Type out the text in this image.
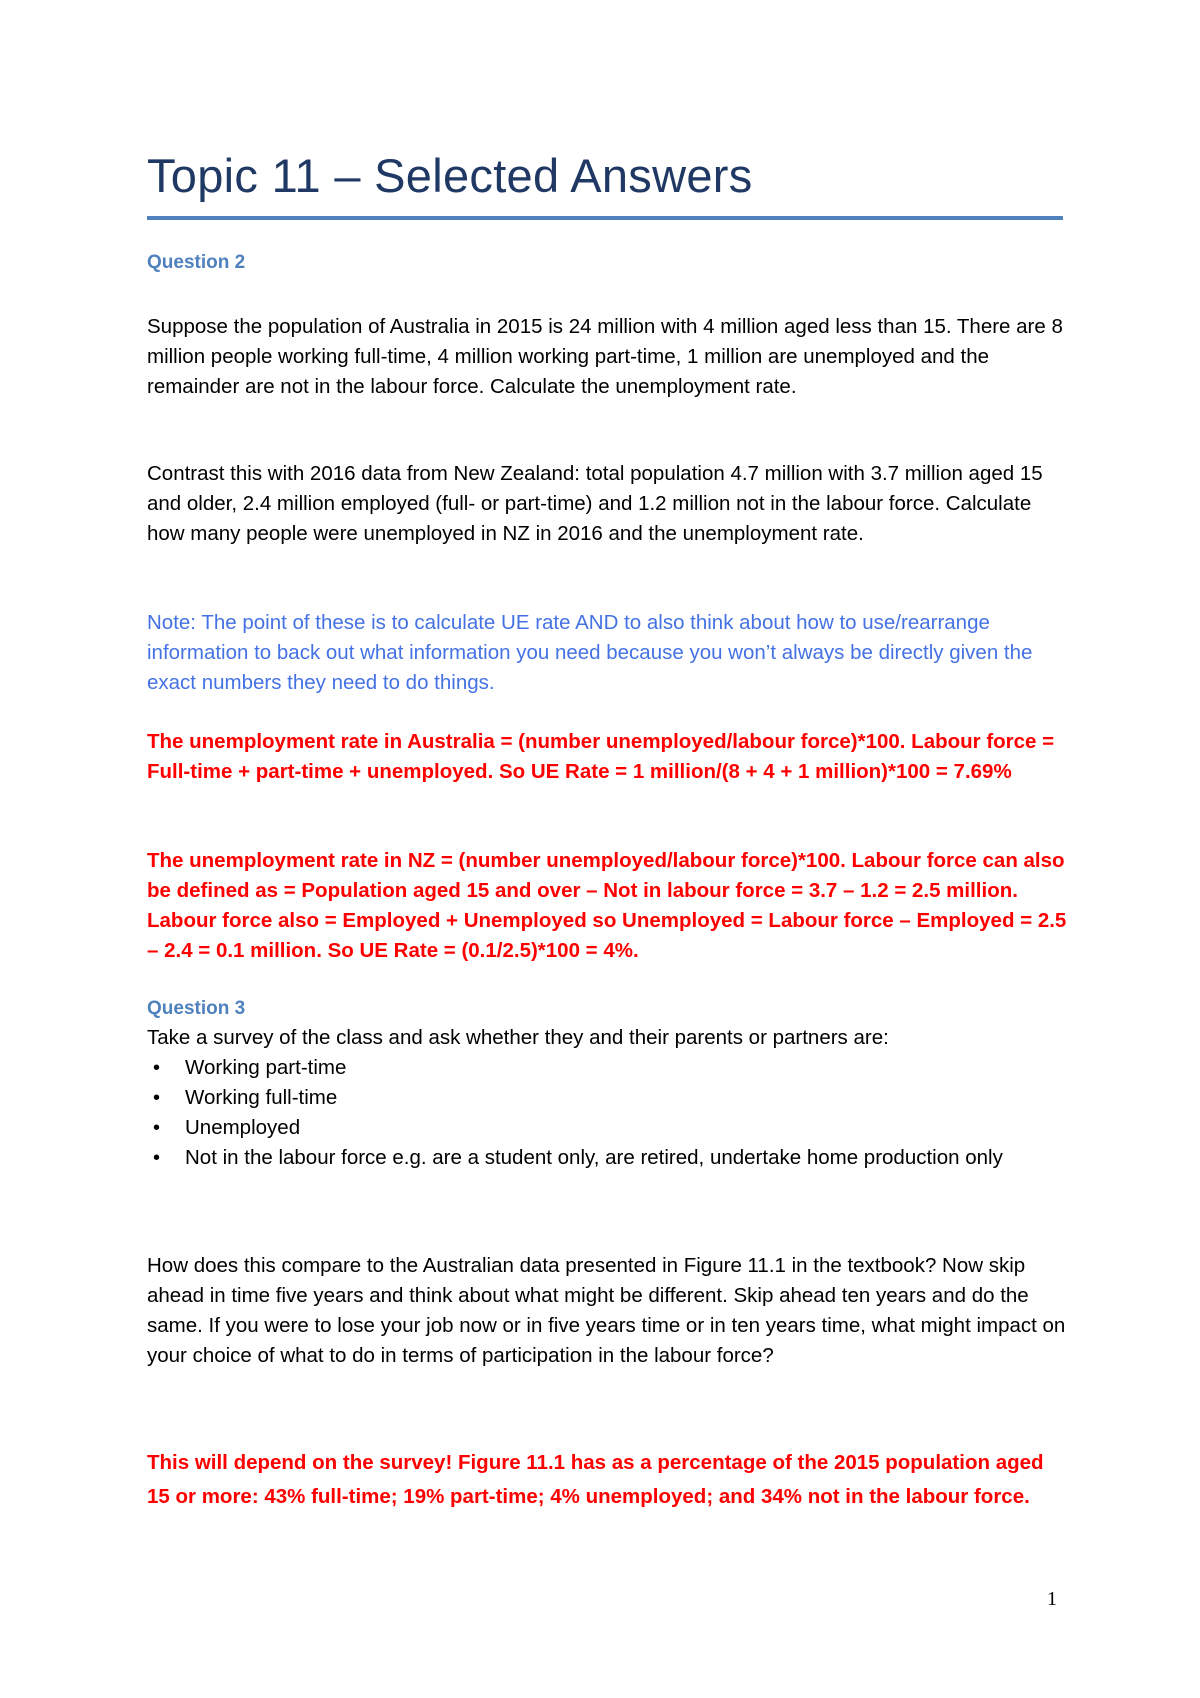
Topic 11 – Selected Answers
Question 2
Suppose the population of Australia in 2015 is 24 million with 4 million aged less than 15. There are 8 million people working full-time, 4 million working part-time, 1 million are unemployed and the remainder are not in the labour force. Calculate the unemployment rate.
Contrast this with 2016 data from New Zealand: total population 4.7 million with 3.7 million aged 15 and older, 2.4 million employed (full- or part-time) and 1.2 million not in the labour force. Calculate how many people were unemployed in NZ in 2016 and the unemployment rate.
Note: The point of these is to calculate UE rate AND to also think about how to use/rearrange information to back out what information you need because you won’t always be directly given the exact numbers they need to do things.
The unemployment rate in Australia = (number unemployed/labour force)*100. Labour force = Full-time + part-time + unemployed. So UE Rate = 1 million/(8 + 4 + 1 million)*100 = 7.69%
The unemployment rate in NZ = (number unemployed/labour force)*100. Labour force can also be defined as = Population aged 15 and over – Not in labour force = 3.7 – 1.2 = 2.5 million. Labour force also = Employed + Unemployed so Unemployed = Labour force – Employed = 2.5 – 2.4 = 0.1 million. So UE Rate = (0.1/2.5)*100 = 4%.
Question 3
Take a survey of the class and ask whether they and their parents or partners are:
• Working part-time
• Working full-time
• Unemployed
• Not in the labour force e.g. are a student only, are retired, undertake home production only
How does this compare to the Australian data presented in Figure 11.1 in the textbook? Now skip ahead in time five years and think about what might be different. Skip ahead ten years and do the same. If you were to lose your job now or in five years time or in ten years time, what might impact on your choice of what to do in terms of participation in the labour force?
This will depend on the survey! Figure 11.1 has as a percentage of the 2015 population aged 15 or more: 43% full-time; 19% part-time; 4% unemployed; and 34% not in the labour force.
1
